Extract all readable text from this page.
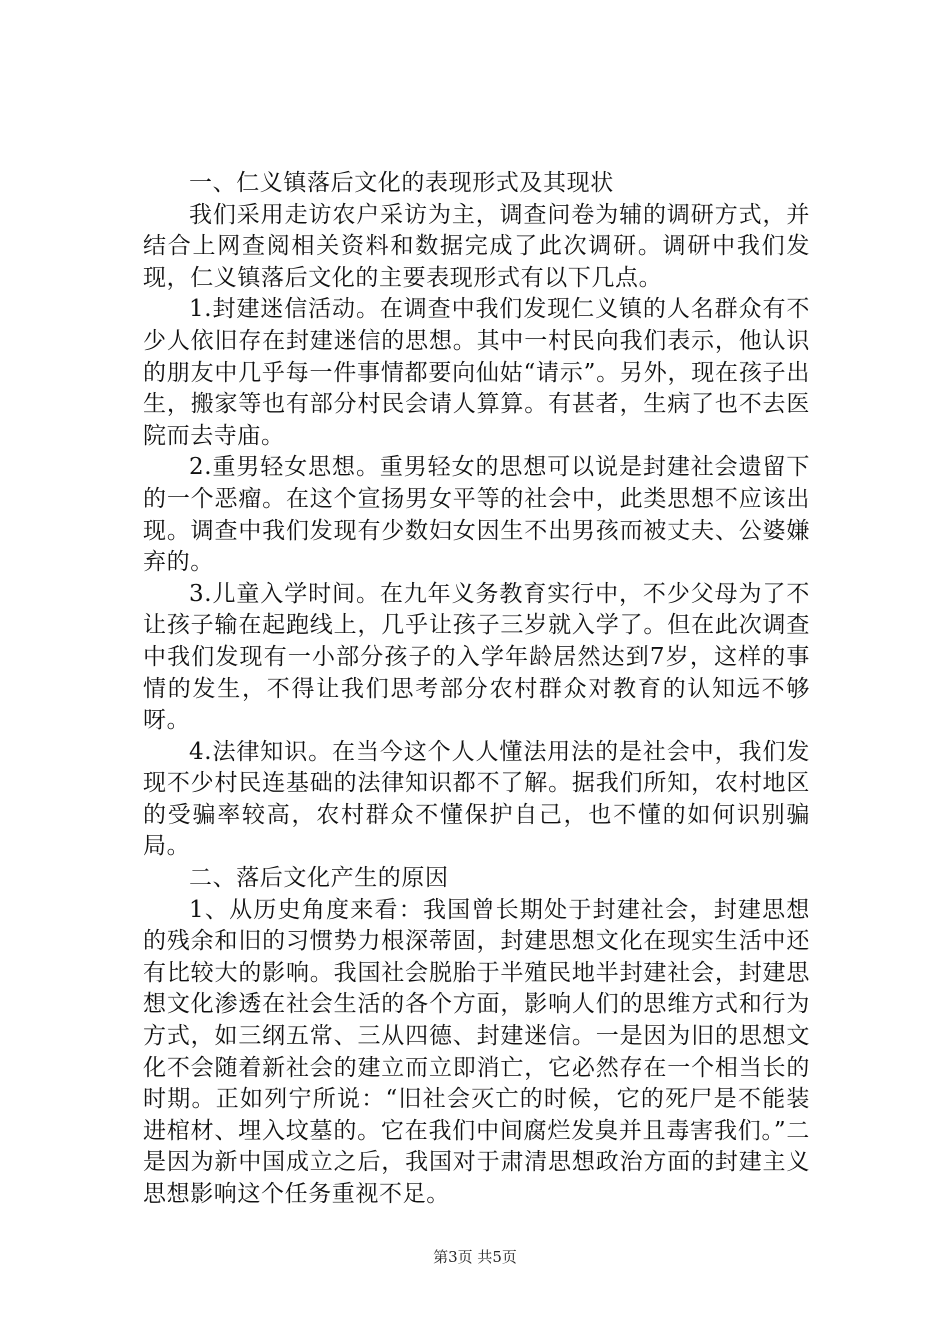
一、仁义镇落后文化的表现形式及其现状

我们采用走访农户采访为主，调查问卷为辅的调研方式，并结合上网查阅相关资料和数据完成了此次调研。调研中我们发现，仁义镇落后文化的主要表现形式有以下几点。

1.封建迷信活动。在调查中我们发现仁义镇的人名群众有不少人依旧存在封建迷信的思想。其中一村民向我们表示，他认识的朋友中几乎每一件事情都要向仙姑“请示”。另外，现在孩子出生，搬家等也有部分村民会请人算算。有甚者，生病了也不去医院而去寺庙。

2.重男轻女思想。重男轻女的思想可以说是封建社会遗留下的一个恶瘤。在这个宣扬男女平等的社会中，此类思想不应该出现。调查中我们发现有少数妇女因生不出男孩而被丈夫、公婆嫌弃的。

3.儿童入学时间。在九年义务教育实行中，不少父母为了不让孩子输在起跑线上，几乎让孩子三岁就入学了。但在此次调查中我们发现有一小部分孩子的入学年龄居然达到7岁，这样的事情的发生，不得让我们思考部分农村群众对教育的认知远不够呀。

4.法律知识。在当今这个人人懂法用法的是社会中，我们发现不少村民连基础的法律知识都不了解。据我们所知，农村地区的受骗率较高，农村群众不懂保护自己，也不懂的如何识别骗局。

二、落后文化产生的原因

1、从历史角度来看：我国曾长期处于封建社会，封建思想的残余和旧的习惯势力根深蒂固，封建思想文化在现实生活中还有比较大的影响。我国社会脱胎于半殖民地半封建社会，封建思想文化渗透在社会生活的各个方面，影响人们的思维方式和行为方式，如三纲五常、三从四德、封建迷信。一是因为旧的思想文化不会随着新社会的建立而立即消亡，它必然存在一个相当长的时期。正如列宁所说：“旧社会灭亡的时候，它的死尸是不能装进棺材、埋入坟墓的。它在我们中间腐烂发臭并且毒害我们。”二是因为新中国成立之后，我国对于肃清思想政治方面的封建主义思想影响这个任务重视不足。

第3页 共5页
